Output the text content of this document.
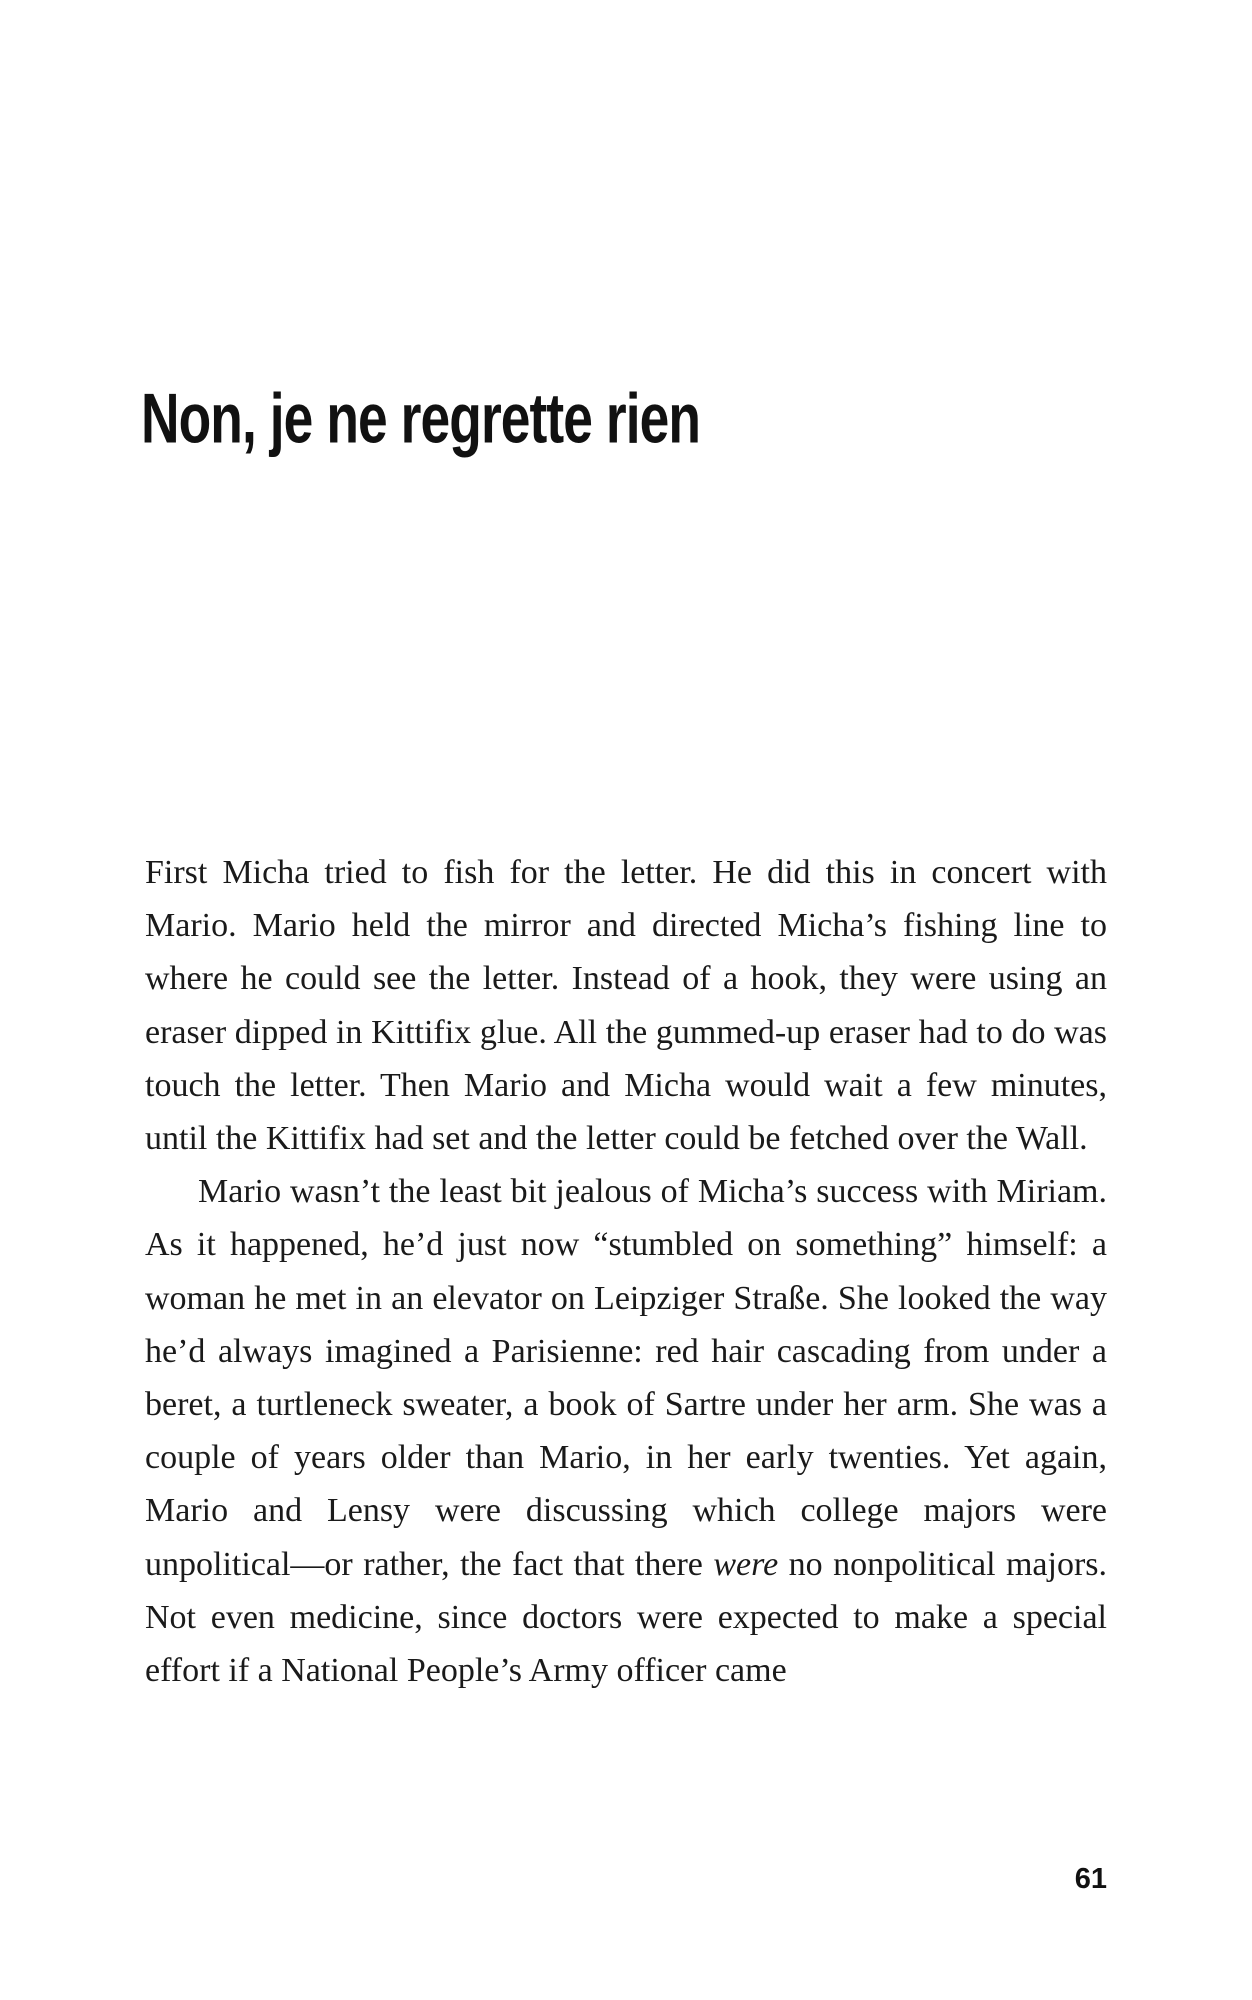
Non, je ne regrette rien

First Micha tried to fish for the letter. He did this in concert with Mario. Mario held the mirror and directed Micha’s fishing line to where he could see the letter. Instead of a hook, they were using an eraser dipped in Kittifix glue. All the gummed-up eraser had to do was touch the letter. Then Mario and Micha would wait a few minutes, until the Kittifix had set and the letter could be fetched over the Wall.

Mario wasn’t the least bit jealous of Micha’s success with Miriam. As it happened, he’d just now “stumbled on something” himself: a woman he met in an elevator on Leipziger Straße. She looked the way he’d always imagined a Parisienne: red hair cascading from under a beret, a turtleneck sweater, a book of Sartre under her arm. She was a couple of years older than Mario, in her early twenties. Yet again, Mario and Lensy were discussing which college majors were unpolitical—or rather, the fact that there were no nonpolitical majors. Not even medicine, since doctors were expected to make a special effort if a National People’s Army officer came

61
